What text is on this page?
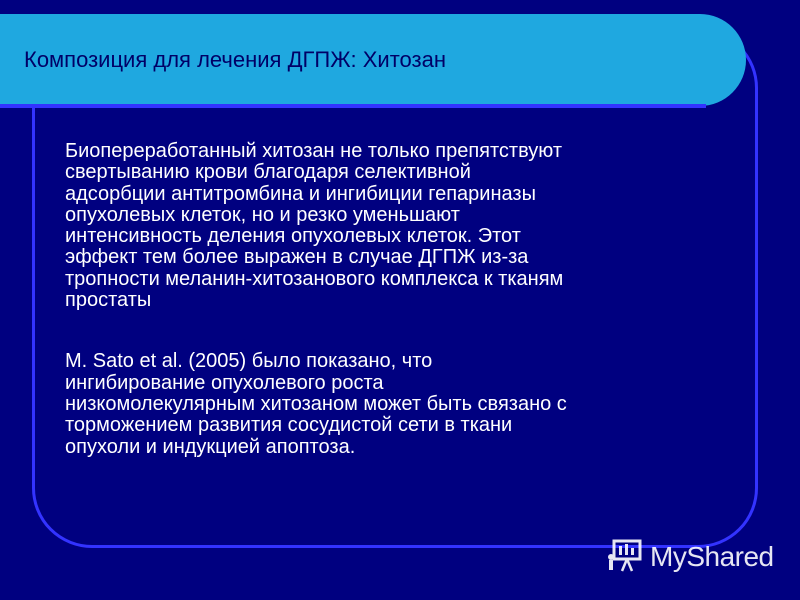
Композиция для лечения ДГПЖ: Хитозан

Биопереработанный хитозан не только препятствуют
свертыванию крови благодаря селективной
адсорбции антитромбина и ингибиции гепариназы
опухолевых клеток, но и резко уменьшают
интенсивность деления опухолевых клеток. Этот
эффект тем более выражен в случае ДГПЖ из-за
тропности меланин-хитозанового комплекса к тканям
простаты

M. Sato et al. (2005) было показано, что
ингибирование опухолевого роста
низкомолекулярным хитозаном может быть связано с
торможением развития сосудистой сети в ткани
опухоли и индукцией апоптоза.

MyShared
